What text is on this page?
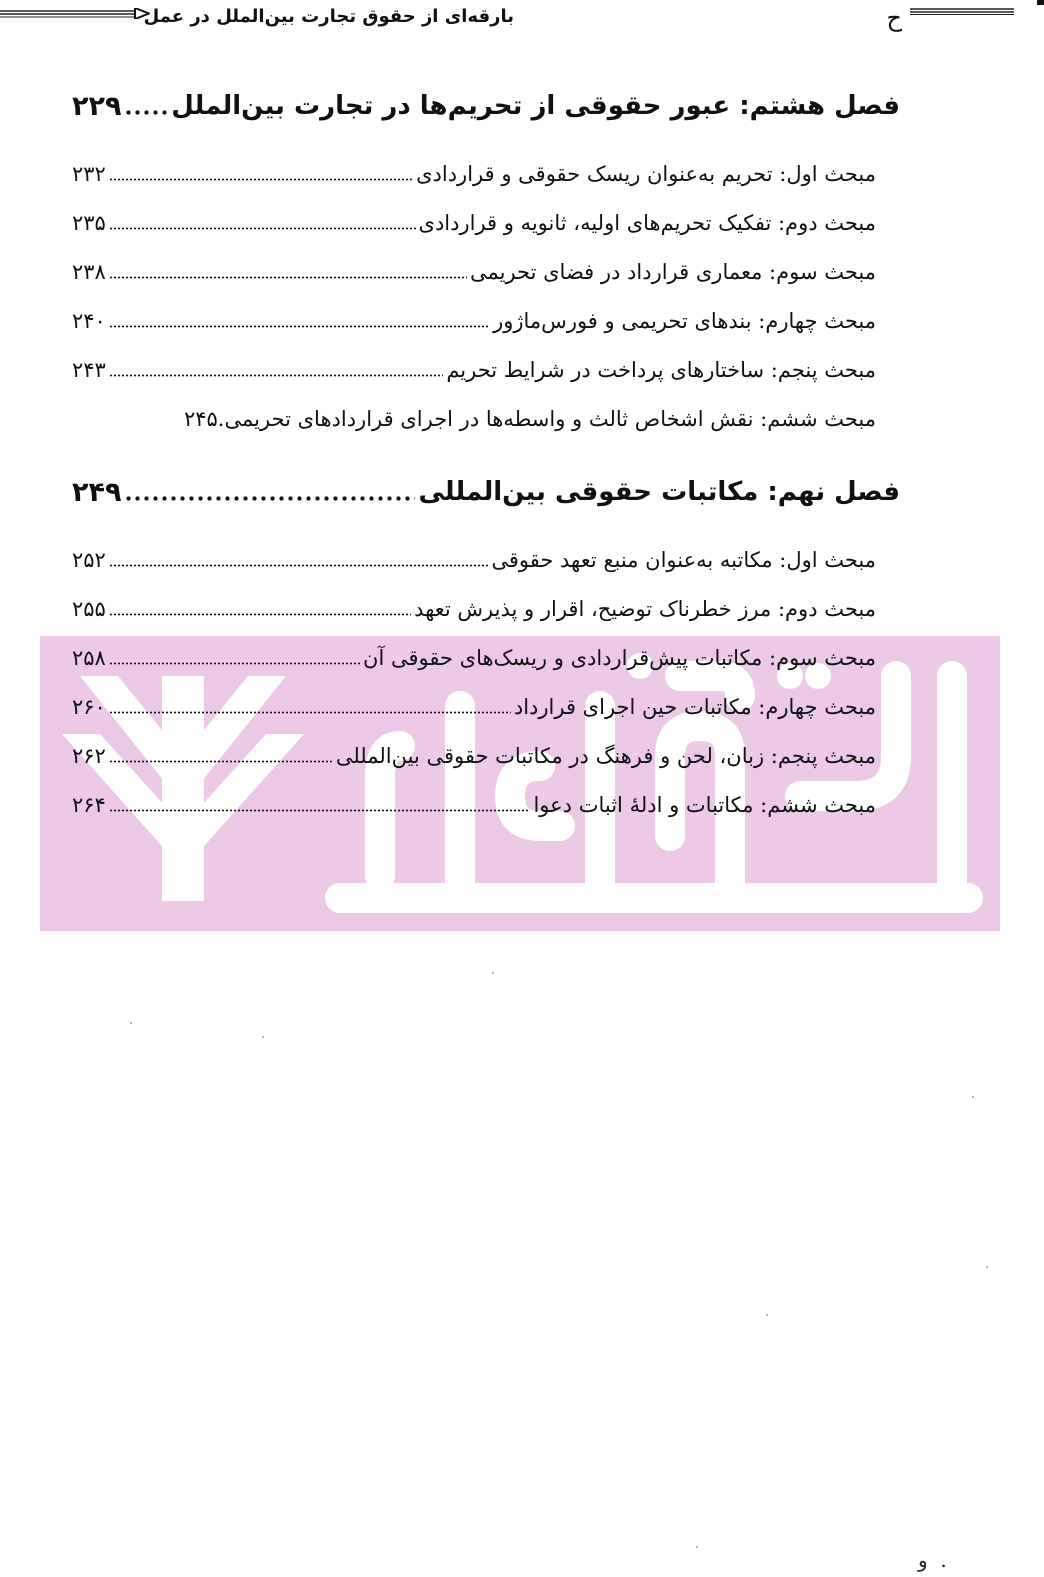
بارقه‌ای از حقوق تجارت بین‌الملل در عمل	ح
فصل هشتم: عبور حقوقی از تحریم‌ها در تجارت بین‌الملل
۲۲۹
مبحث اول: تحریم به‌عنوان ریسک حقوقی و قراردادی
۲۳۲
مبحث دوم: تفکیک تحریم‌های اولیه، ثانویه و قراردادی
۲۳۵
مبحث سوم: معماری قرارداد در فضای تحریمی
۲۳۸
مبحث چهارم: بندهای تحریمی و فورس‌ماژور
۲۴۰
مبحث پنجم: ساختارهای پرداخت در شرایط تحریم
۲۴۳
مبحث ششم: نقش اشخاص ثالث و واسطه‌ها در اجرای قراردادهای تحریمی.
۲۴۵
فصل نهم: مکاتبات حقوقی بین‌المللی
۲۴۹
مبحث اول: مکاتبه به‌عنوان منبع تعهد حقوقی
۲۵۲
مبحث دوم: مرز خطرناک توضیح، اقرار و پذیرش تعهد
۲۵۵
مبحث سوم: مکاتبات پیش‌قراردادی و ریسک‌های حقوقی آن
۲۵۸
مبحث چهارم: مکاتبات حین اجرای قرارداد
۲۶۰
مبحث پنجم: زبان، لحن و فرهنگ در مکاتبات حقوقی بین‌المللی
۲۶۲
مبحث ششم: مکاتبات و ادلهٔ اثبات دعوا
۲۶۴
‌ . ‌ و
